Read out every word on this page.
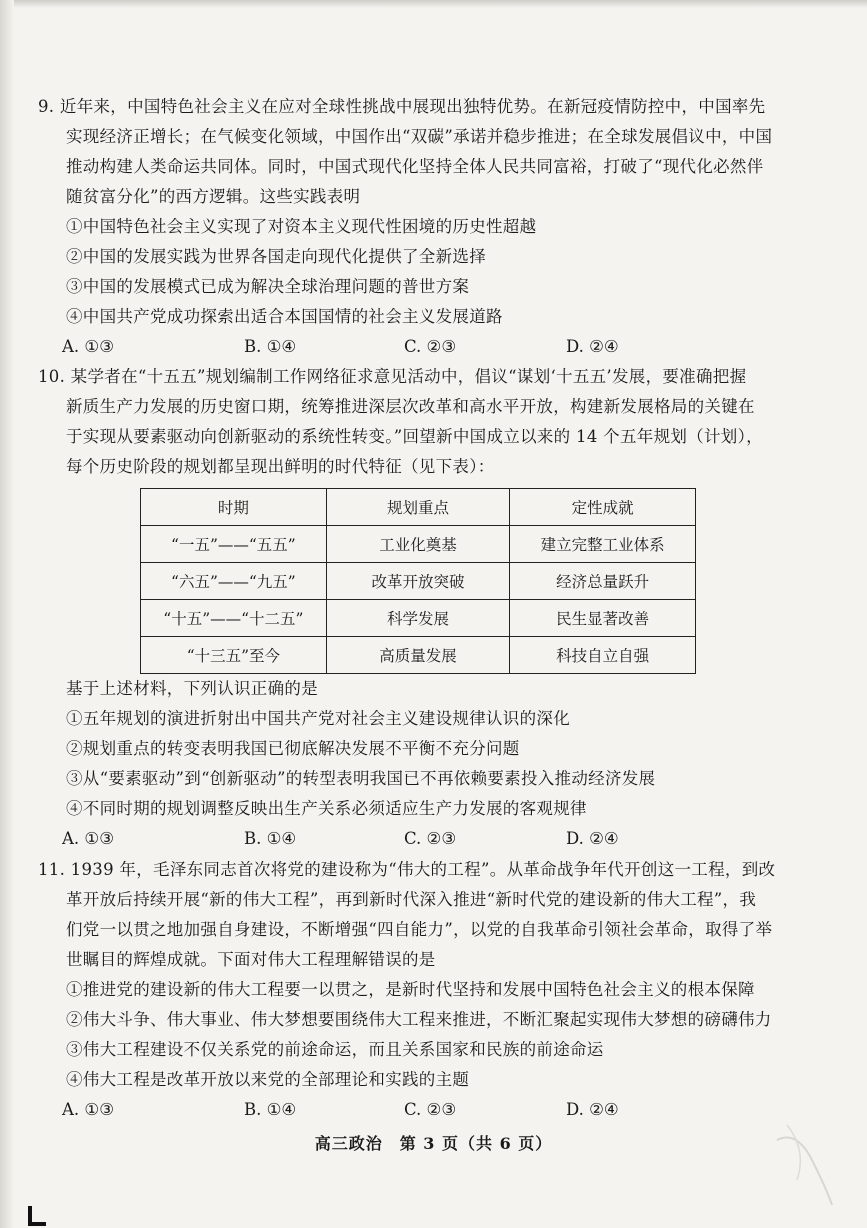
9. 近年来，中国特色社会主义在应对全球性挑战中展现出独特优势。在新冠疫情防控中，中国率先
实现经济正增长；在气候变化领域，中国作出“双碳”承诺并稳步推进；在全球发展倡议中，中国
推动构建人类命运共同体。同时，中国式现代化坚持全体人民共同富裕，打破了“现代化必然伴
随贫富分化”的西方逻辑。这些实践表明
①中国特色社会主义实现了对资本主义现代性困境的历史性超越
②中国的发展实践为世界各国走向现代化提供了全新选择
③中国的发展模式已成为解决全球治理问题的普世方案
④中国共产党成功探索出适合本国国情的社会主义发展道路
A. ①③	B. ①④	C. ②③	D. ②④
10. 某学者在“十五五”规划编制工作网络征求意见活动中，倡议“谋划‘十五五’发展，要准确把握
新质生产力发展的历史窗口期，统筹推进深层次改革和高水平开放，构建新发展格局的关键在
于实现从要素驱动向创新驱动的系统性转变。”回望新中国成立以来的 14 个五年规划（计划），
每个历史阶段的规划都呈现出鲜明的时代特征（见下表）：
时期	规划重点	定性成就
“一五”——“五五”	工业化奠基	建立完整工业体系
“六五”——“九五”	改革开放突破	经济总量跃升
“十五”——“十二五”	科学发展	民生显著改善
“十三五”至今	高质量发展	科技自立自强
基于上述材料，下列认识正确的是
①五年规划的演进折射出中国共产党对社会主义建设规律认识的深化
②规划重点的转变表明我国已彻底解决发展不平衡不充分问题
③从“要素驱动”到“创新驱动”的转型表明我国已不再依赖要素投入推动经济发展
④不同时期的规划调整反映出生产关系必须适应生产力发展的客观规律
A. ①③	B. ①④	C. ②③	D. ②④
11. 1939 年，毛泽东同志首次将党的建设称为“伟大的工程”。从革命战争年代开创这一工程，到改
革开放后持续开展“新的伟大工程”，再到新时代深入推进“新时代党的建设新的伟大工程”，我
们党一以贯之地加强自身建设，不断增强“四自能力”，以党的自我革命引领社会革命，取得了举
世瞩目的辉煌成就。下面对伟大工程理解错误的是
①推进党的建设新的伟大工程要一以贯之，是新时代坚持和发展中国特色社会主义的根本保障
②伟大斗争、伟大事业、伟大梦想要围绕伟大工程来推进，不断汇聚起实现伟大梦想的磅礴伟力
③伟大工程建设不仅关系党的前途命运，而且关系国家和民族的前途命运
④伟大工程是改革开放以来党的全部理论和实践的主题
A. ①③	B. ①④	C. ②③	D. ②④
高三政治　第 3 页（共 6 页）
